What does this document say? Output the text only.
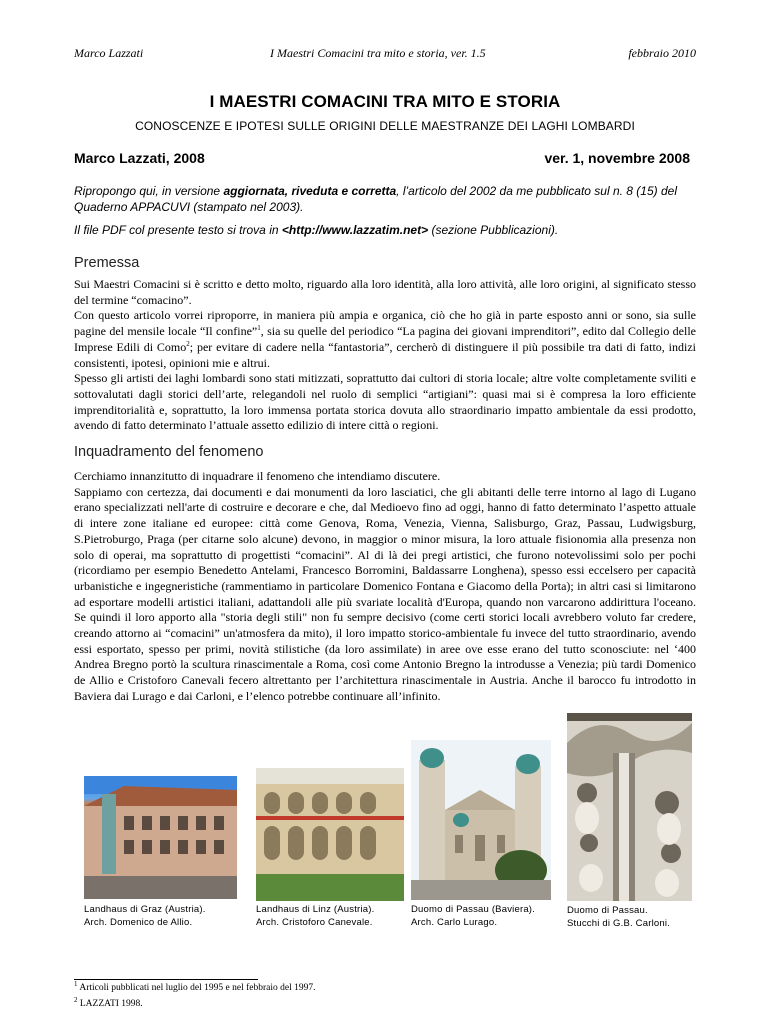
Marco Lazzati	I Maestri Comacini tra mito e storia, ver. 1.5	febbraio 2010
I MAESTRI COMACINI TRA MITO E STORIA
CONOSCENZE E IPOTESI SULLE ORIGINI DELLE MAESTRANZE DEI LAGHI LOMBARDI
Marco Lazzati, 2008	ver. 1, novembre 2008
Ripropongo qui, in versione aggiornata, riveduta e corretta, l’articolo del 2002 da me pubblicato sul n. 8 (15) del Quaderno APPACUVI (stampato nel 2003).
Il file PDF col presente testo si trova in <http://www.lazzatim.net> (sezione Pubblicazioni).
Premessa

Sui Maestri Comacini si è scritto e detto molto, riguardo alla loro identità, alla loro attività, alle loro origini, al significato stesso del termine “comacino”.

Con questo articolo vorrei riproporre, in maniera più ampia e organica, ciò che ho già in parte esposto anni or sono, sia sulle pagine del mensile locale “Il confine”$^1$, sia su quelle del periodico “La pagina dei giovani imprenditori”, edito dal Collegio delle Imprese Edili di Como$^2$; per evitare di cadere nella “fantastoria”, cercherò di distinguere il più possibile tra dati di fatto, indizi consistenti, ipotesi, opinioni mie e altrui.

Spesso gli artisti dei laghi lombardi sono stati mitizzati, soprattutto dai cultori di storia locale; altre volte completamente sviliti e sottovalutati dagli storici dell’arte, relegandoli nel ruolo di semplici “artigiani”: quasi mai si è compresa la loro efficiente imprenditorialità e, soprattutto, la loro immensa portata storica dovuta allo straordinario impatto ambientale da essi prodotto, avendo di fatto determinato l’attuale assetto edilizio di intere città o regioni.

Inquadramento del fenomeno

Cerchiamo innanzitutto di inquadrare il fenomeno che intendiamo discutere.

Sappiamo con certezza, dai documenti e dai monumenti da loro lasciatici, che gli abitanti delle terre intorno al lago di Lugano erano specializzati nell'arte di costruire e decorare e che, dal Medioevo fino ad oggi, hanno di fatto determinato l’aspetto attuale di intere zone italiane ed europee: città come Genova, Roma, Venezia, Vienna, Salisburgo, Graz, Passau, Ludwigsburg, S.Pietroburgo, Praga (per citarne solo alcune) devono, in maggior o minor misura, la loro attuale fisionomia alla presenza non solo di operai, ma soprattutto di progettisti “comacini”. Al di là dei pregi artistici, che furono notevolissimi solo per pochi (ricordiamo per esempio Benedetto Antelami, Francesco Borromini, Baldassarre Longhena), spesso essi eccelsero per capacità urbanistiche e ingegneristiche (rammentiamo in particolare Domenico Fontana e Giacomo della Porta); in altri casi si limitarono ad esportare modelli artistici italiani, adattandoli alle più svariate località d'Europa, quando non varcarono addirittura l'oceano. Se quindi il loro apporto alla "storia degli stili" non fu sempre decisivo (come certi storici locali avrebbero voluto far credere, creando attorno ai “comacini” un'atmosfera da mito), il loro impatto storico-ambientale fu invece del tutto straordinario, avendo essi esportato, spesso per primi, novità stilistiche (da loro assimilate) in aree ove esse erano del tutto sconosciute: nel ‘400 Andrea Bregno portò la scultura rinascimentale a Roma, così come Antonio Bregno la introdusse a Venezia; più tardi Domenico de Allio e Cristoforo Canevali fecero altrettanto per l’architettura rinascimentale in Austria. Anche il barocco fu introdotto in Baviera dai Lurago e dai Carloni, e l’elenco potrebbe continuare all’infinito.

Landhaus di Graz (Austria).
Arch. Domenico de Allio.
Landhaus di Linz (Austria).
Arch. Cristoforo Canevale.
Duomo di Passau (Baviera).
Arch. Carlo Lurago.
Duomo di Passau.
Stucchi di G.B. Carloni.
$^1$ Articoli pubblicati nel luglio del 1995 e nel febbraio del 1997.
$^2$ LAZZATI 1998.
